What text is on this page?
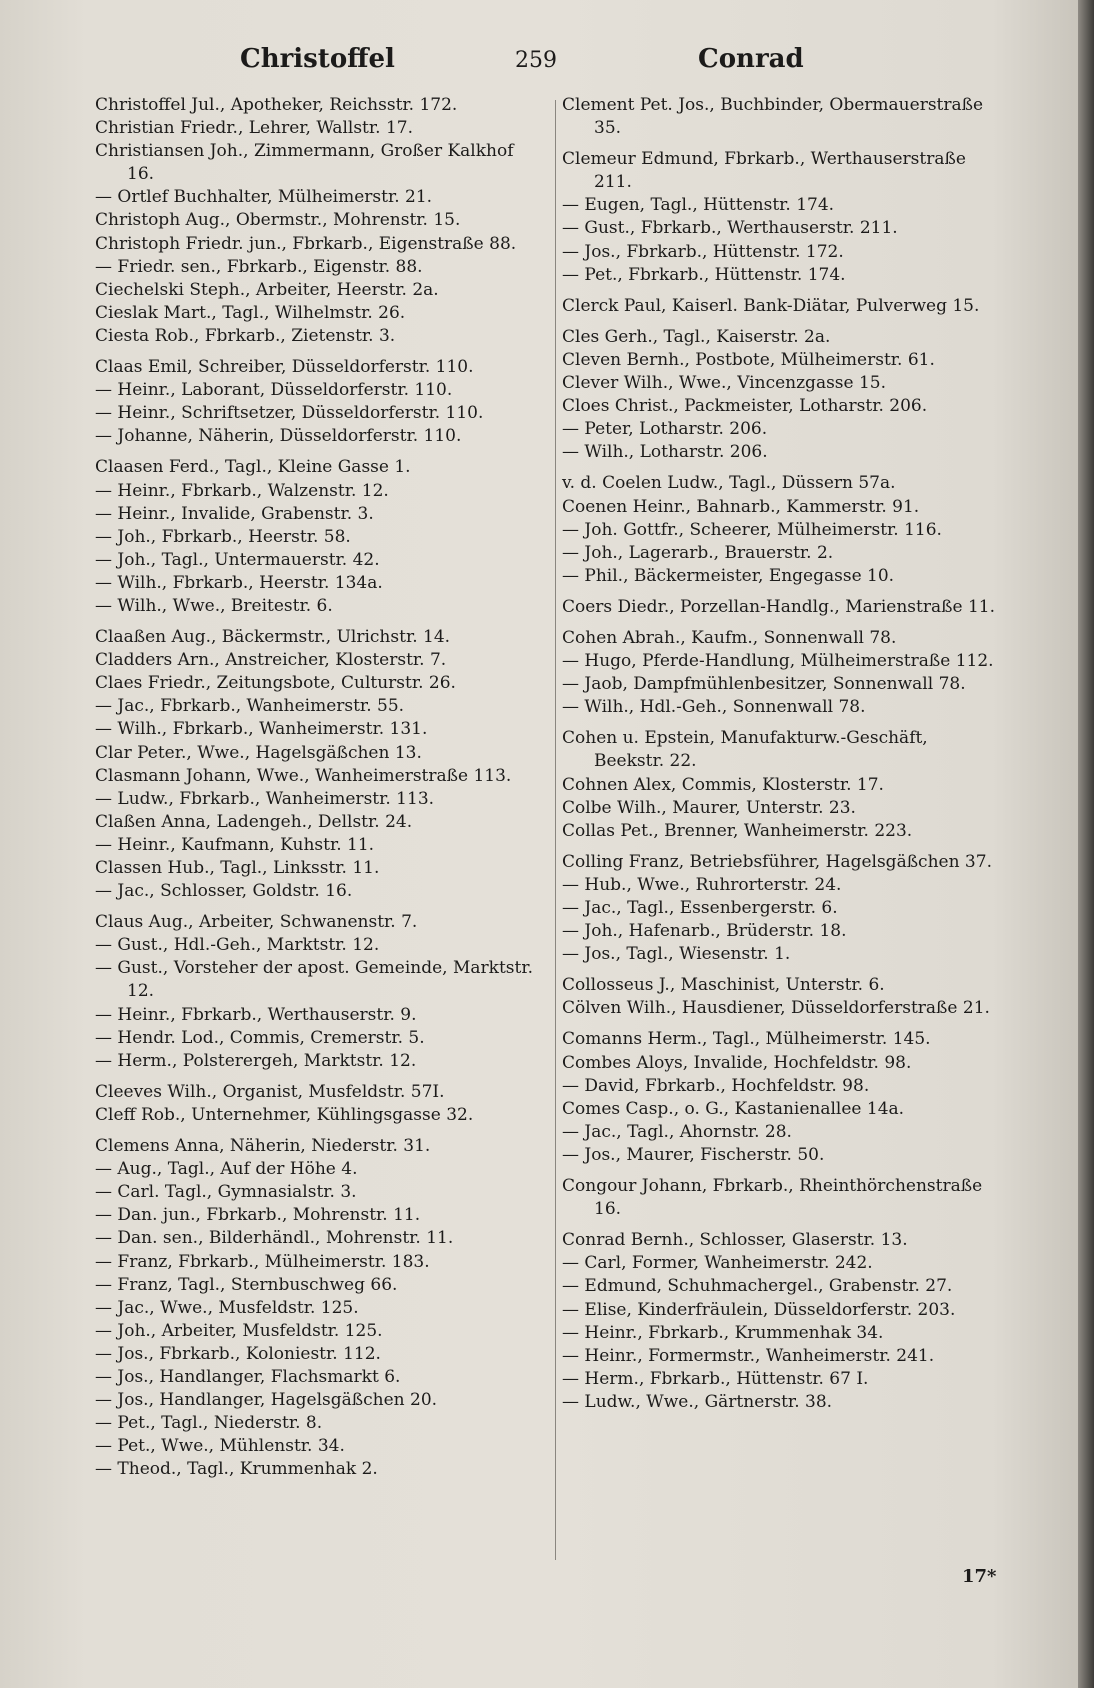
Christoffel	259	Conrad

Christoffel Jul., Apotheker, Reichsstr. 172.

Christian Friedr., Lehrer, Wallstr. 17.

Christiansen Joh., Zimmermann, Großer Kalkhof 16.

— Ortlef Buchhalter, Mülheimerstr. 21.

Christoph Aug., Obermstr., Mohrenstr. 15.

Christoph Friedr. jun., Fbrkarb., Eigenstraße 88.

— Friedr. sen., Fbrkarb., Eigenstr. 88.

Ciechelski Steph., Arbeiter, Heerstr. 2a.

Cieslak Mart., Tagl., Wilhelmstr. 26.

Ciesta Rob., Fbrkarb., Zietenstr. 3.

Claas Emil, Schreiber, Düsseldorferstr. 110.

— Heinr., Laborant, Düsseldorferstr. 110.

— Heinr., Schriftsetzer, Düsseldorferstr. 110.

— Johanne, Näherin, Düsseldorferstr. 110.

Claasen Ferd., Tagl., Kleine Gasse 1.

— Heinr., Fbrkarb., Walzenstr. 12.

— Heinr., Invalide, Grabenstr. 3.

— Joh., Fbrkarb., Heerstr. 58.

— Joh., Tagl., Untermauerstr. 42.

— Wilh., Fbrkarb., Heerstr. 134a.

— Wilh., Wwe., Breitestr. 6.

Claaßen Aug., Bäckermstr., Ulrichstr. 14.

Cladders Arn., Anstreicher, Klosterstr. 7.

Claes Friedr., Zeitungsbote, Culturstr. 26.

— Jac., Fbrkarb., Wanheimerstr. 55.

— Wilh., Fbrkarb., Wanheimerstr. 131.

Clar Peter., Wwe., Hagelsgäßchen 13.

Clasmann Johann, Wwe., Wanheimerstraße 113.

— Ludw., Fbrkarb., Wanheimerstr. 113.

Claßen Anna, Ladengeh., Dellstr. 24.

— Heinr., Kaufmann, Kuhstr. 11.

Classen Hub., Tagl., Linksstr. 11.

— Jac., Schlosser, Goldstr. 16.

Claus Aug., Arbeiter, Schwanenstr. 7.

— Gust., Hdl.-Geh., Marktstr. 12.

— Gust., Vorsteher der apost. Gemeinde, Marktstr. 12.

— Heinr., Fbrkarb., Werthauserstr. 9.

— Hendr. Lod., Commis, Cremerstr. 5.

— Herm., Polsterergeh, Marktstr. 12.

Cleeves Wilh., Organist, Musfeldstr. 57I.

Cleff Rob., Unternehmer, Kühlingsgasse 32.

Clemens Anna, Näherin, Niederstr. 31.

— Aug., Tagl., Auf der Höhe 4.

— Carl. Tagl., Gymnasialstr. 3.

— Dan. jun., Fbrkarb., Mohrenstr. 11.

— Dan. sen., Bilderhändl., Mohrenstr. 11.

— Franz, Fbrkarb., Mülheimerstr. 183.

— Franz, Tagl., Sternbuschweg 66.

— Jac., Wwe., Musfeldstr. 125.

— Joh., Arbeiter, Musfeldstr. 125.

— Jos., Fbrkarb., Koloniestr. 112.

— Jos., Handlanger, Flachsmarkt 6.

— Jos., Handlanger, Hagelsgäßchen 20.

— Pet., Tagl., Niederstr. 8.

— Pet., Wwe., Mühlenstr. 34.

— Theod., Tagl., Krummenhak 2.

Clement Pet. Jos., Buchbinder, Obermauerstraße 35.

Clemeur Edmund, Fbrkarb., Werthauserstraße 211.

— Eugen, Tagl., Hüttenstr. 174.

— Gust., Fbrkarb., Werthauserstr. 211.

— Jos., Fbrkarb., Hüttenstr. 172.

— Pet., Fbrkarb., Hüttenstr. 174.

Clerck Paul, Kaiserl. Bank-Diätar, Pulverweg 15.

Cles Gerh., Tagl., Kaiserstr. 2a.

Cleven Bernh., Postbote, Mülheimerstr. 61.

Clever Wilh., Wwe., Vincenzgasse 15.

Cloes Christ., Packmeister, Lotharstr. 206.

— Peter, Lotharstr. 206.

— Wilh., Lotharstr. 206.

v. d. Coelen Ludw., Tagl., Düssern 57a.

Coenen Heinr., Bahnarb., Kammerstr. 91.

— Joh. Gottfr., Scheerer, Mülheimerstr. 116.

— Joh., Lagerarb., Brauerstr. 2.

— Phil., Bäckermeister, Engegasse 10.

Coers Diedr., Porzellan-Handlg., Marienstraße 11.

Cohen Abrah., Kaufm., Sonnenwall 78.

— Hugo, Pferde-Handlung, Mülheimerstraße 112.

— Jaob, Dampfmühlenbesitzer, Sonnenwall 78.

— Wilh., Hdl.-Geh., Sonnenwall 78.

Cohen u. Epstein, Manufakturw.-Geschäft, Beekstr. 22.

Cohnen Alex, Commis, Klosterstr. 17.

Colbe Wilh., Maurer, Unterstr. 23.

Collas Pet., Brenner, Wanheimerstr. 223.

Colling Franz, Betriebsführer, Hagelsgäßchen 37.

— Hub., Wwe., Ruhrorterstr. 24.

— Jac., Tagl., Essenbergerstr. 6.

— Joh., Hafenarb., Brüderstr. 18.

— Jos., Tagl., Wiesenstr. 1.

Collosseus J., Maschinist, Unterstr. 6.

Cölven Wilh., Hausdiener, Düsseldorferstraße 21.

Comanns Herm., Tagl., Mülheimerstr. 145.

Combes Aloys, Invalide, Hochfeldstr. 98.

— David, Fbrkarb., Hochfeldstr. 98.

Comes Casp., o. G., Kastanienallee 14a.

— Jac., Tagl., Ahornstr. 28.

— Jos., Maurer, Fischerstr. 50.

Congour Johann, Fbrkarb., Rheinthörchenstraße 16.

Conrad Bernh., Schlosser, Glaserstr. 13.

— Carl, Former, Wanheimerstr. 242.

— Edmund, Schuhmachergel., Grabenstr. 27.

— Elise, Kinderfräulein, Düsseldorferstr. 203.

— Heinr., Fbrkarb., Krummenhak 34.

— Heinr., Formermstr., Wanheimerstr. 241.

— Herm., Fbrkarb., Hüttenstr. 67 I.

— Ludw., Wwe., Gärtnerstr. 38.

17*
